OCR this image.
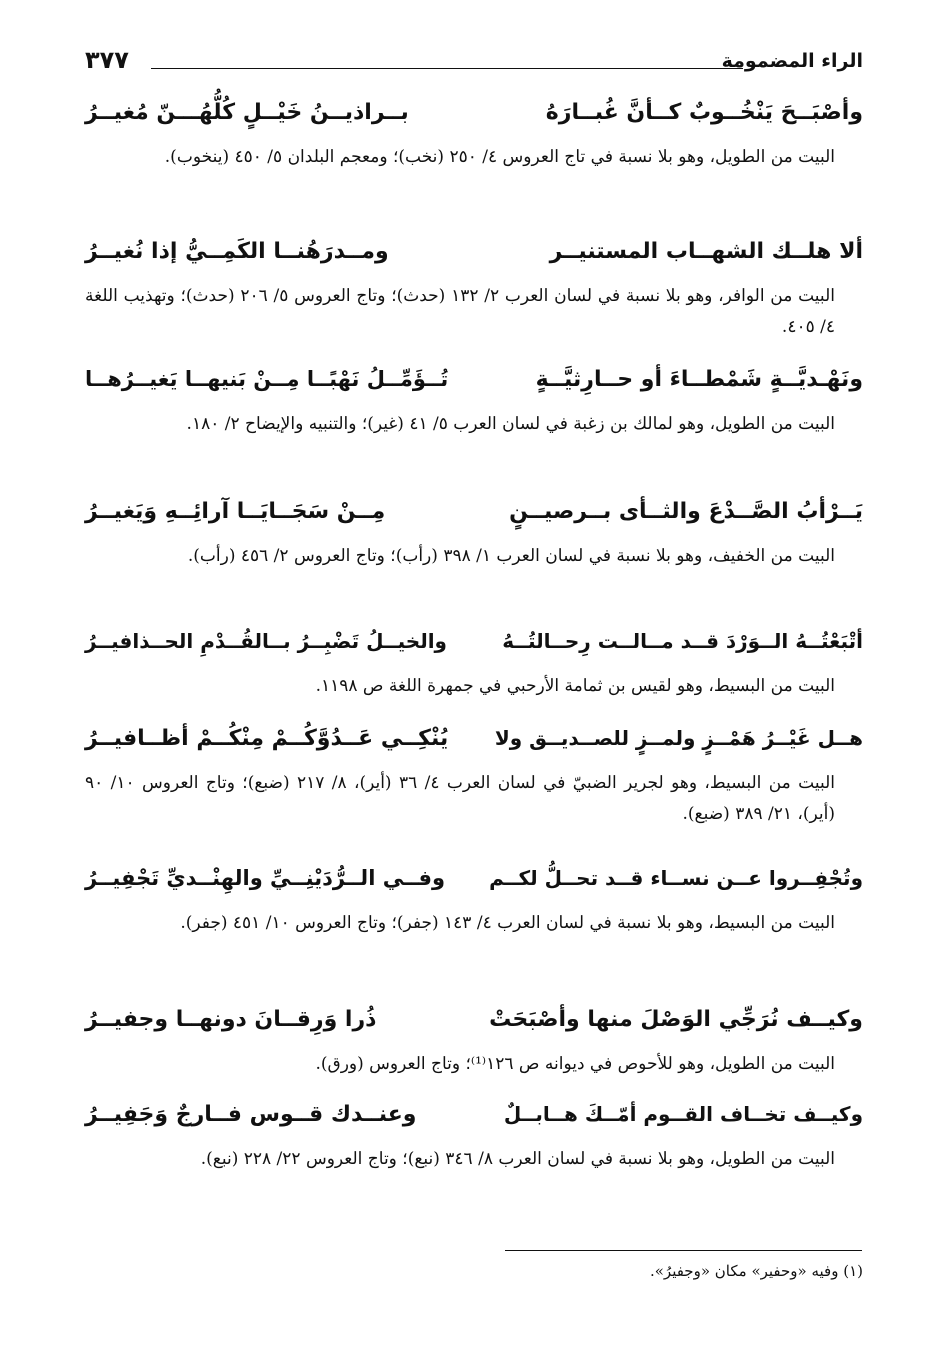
الراء المضمومة
٣٧٧
وأصْبَــحَ يَنْخُــوبٌ كــأنَّ غُبــارَهُ
بــراذيــنُ خَيْــلٍ كُلُّهُـــنّ مُغيــرُ
البيت من الطويل، وهو بلا نسبة في تاج العروس ٤/ ٢٥٠ (نخب)؛ ومعجم البلدان ٥/ ٤٥٠ (ينخوب).
ألا هلــك الشهــاب المستنيــر
ومــدرَهُنــا الكَمِــيُّ إذا نُغيــرُ
البيت من الوافر، وهو بلا نسبة في لسان العرب ٢/ ١٣٢ (حدث)؛ وتاج العروس ٥/ ٢٠٦ (حدث)؛ وتهذيب اللغة ٤/ ٤٠٥.
ونَهْـديَّــةٍ شَمْطــاءَ أو حــارِثيَّــةٍ
تُــؤَمِّــلُ نَهْبًــا مِــنْ بَنيهــا يَغيــرُهــا
البيت من الطويل، وهو لمالك بن زغبة في لسان العرب ٥/ ٤١ (غير)؛ والتنبيه والإيضاح ٢/ ١٨٠.
يَــرْأبُ الصَّــدْعَ والثــأى بــرصيــنٍ
مِــنْ سَجَــايَــا آرائِــهِ وَيَغيــرُ
البيت من الخفيف، وهو بلا نسبة في لسان العرب ١/ ٣٩٨ (رأب)؛ وتاج العروس ٢/ ٤٥٦ (رأب).
أتْبَعْتُــهُ الــوَرْدَ قــد مــالــت رِحــالتُــهُ
والخيــلُ تَضْبِــرُ بــالقُــدْمِ الحــذافيــرُ
البيت من البسيط، وهو لقيس بن ثمامة الأرحبي في جمهرة اللغة ص ١١٩٨.
هــل غَيْــرُ هَمْــزٍ ولمــزٍ للصــديــق ولا
يُنْكِــي عَــدُوَّكُــمْ مِنْكُــمْ أظــافيــرُ
البيت من البسيط، وهو لجرير الضبيّ في لسان العرب ٤/ ٣٦ (أير)، ٨/ ٢١٧ (ضبع)؛ وتاج العروس ١٠/ ٩٠ (أير)، ٢١/ ٣٨٩ (ضبع).
وتُجْفِــروا عــن نســاء قــد تحــلُّ لكــم
وفــي الــرُّدَيْنِــيِّ والهِنْــديِّ تَجْفِيــرُ
البيت من البسيط، وهو بلا نسبة في لسان العرب ٤/ ١٤٣ (جفر)؛ وتاج العروس ١٠/ ٤٥١ (جفر).
وكيــف نُرَجِّي الوَصْلَ منها وأصْبَحَتْ
ذُرا وَرِقــانَ دونهــا وجفيــرُ
البيت من الطويل، وهو للأحوص في ديوانه ص ١٢٦⁽¹⁾؛ وتاج العروس (ورق).
وكيــف تخــاف القــوم أمّــكَ هــابــلٌ
وعنــدك قــوس فــارجٌ وَجَفِيــرُ
البيت من الطويل، وهو بلا نسبة في لسان العرب ٨/ ٣٤٦ (نبع)؛ وتاج العروس ٢٢/ ٢٢٨ (نبع).
(١) وفيه «وحفير» مكان «وجفيرُ».
